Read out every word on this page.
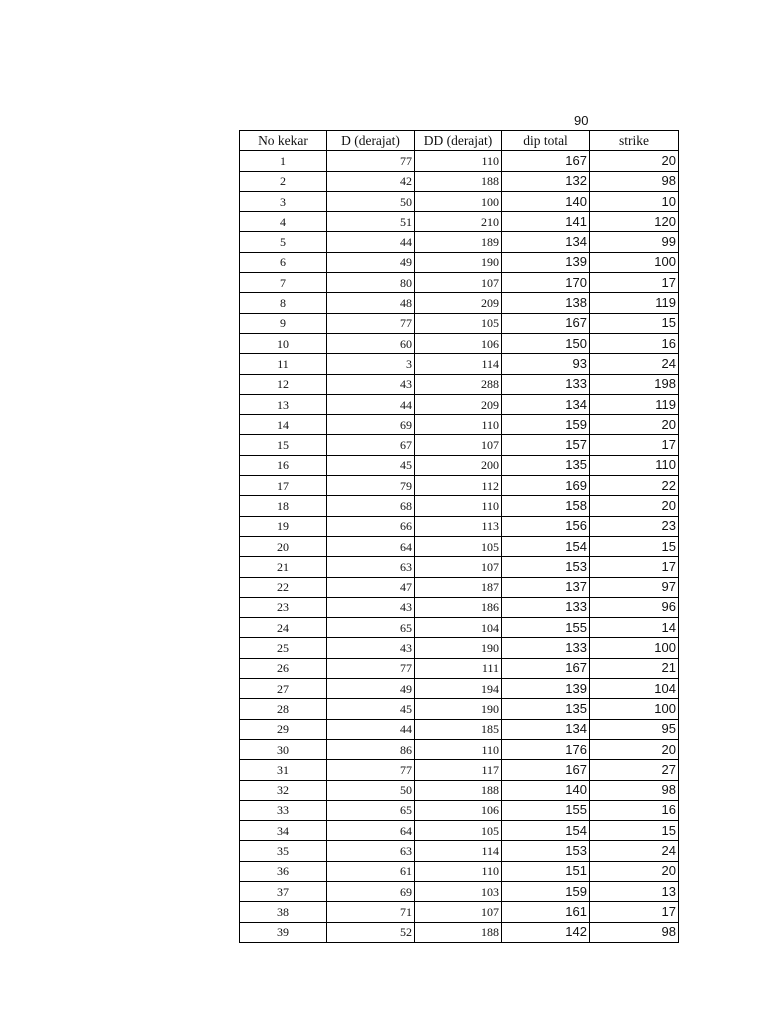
90
No kekar	D (derajat)	DD (derajat)	dip total	strike
1	77	110	167	20
2	42	188	132	98
3	50	100	140	10
4	51	210	141	120
5	44	189	134	99
6	49	190	139	100
7	80	107	170	17
8	48	209	138	119
9	77	105	167	15
10	60	106	150	16
11	3	114	93	24
12	43	288	133	198
13	44	209	134	119
14	69	110	159	20
15	67	107	157	17
16	45	200	135	110
17	79	112	169	22
18	68	110	158	20
19	66	113	156	23
20	64	105	154	15
21	63	107	153	17
22	47	187	137	97
23	43	186	133	96
24	65	104	155	14
25	43	190	133	100
26	77	111	167	21
27	49	194	139	104
28	45	190	135	100
29	44	185	134	95
30	86	110	176	20
31	77	117	167	27
32	50	188	140	98
33	65	106	155	16
34	64	105	154	15
35	63	114	153	24
36	61	110	151	20
37	69	103	159	13
38	71	107	161	17
39	52	188	142	98
